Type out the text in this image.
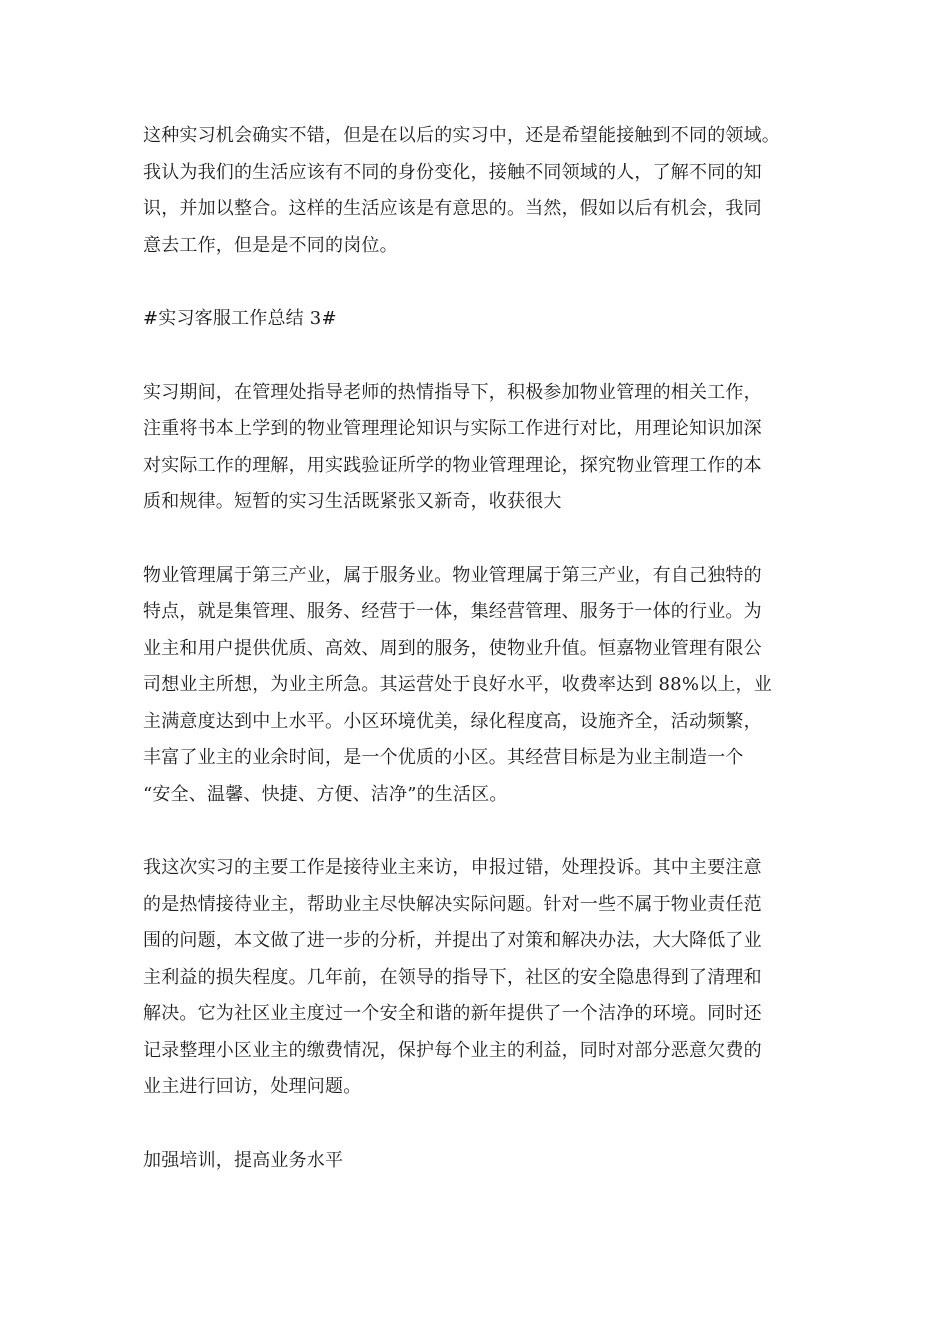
这种实习机会确实不错，但是在以后的实习中，还是希望能接触到不同的领域。
我认为我们的生活应该有不同的身份变化，接触不同领域的人，了解不同的知
识，并加以整合。这样的生活应该是有意思的。当然，假如以后有机会，我同
意去工作，但是是不同的岗位。

#实习客服工作总结 3#

实习期间，在管理处指导老师的热情指导下，积极参加物业管理的相关工作，
注重将书本上学到的物业管理理论知识与实际工作进行对比，用理论知识加深
对实际工作的理解，用实践验证所学的物业管理理论，探究物业管理工作的本
质和规律。短暂的实习生活既紧张又新奇，收获很大

物业管理属于第三产业，属于服务业。物业管理属于第三产业，有自己独特的
特点，就是集管理、服务、经营于一体，集经营管理、服务于一体的行业。为
业主和用户提供优质、高效、周到的服务，使物业升值。恒嘉物业管理有限公
司想业主所想，为业主所急。其运营处于良好水平，收费率达到 88%以上，业
主满意度达到中上水平。小区环境优美，绿化程度高，设施齐全，活动频繁，
丰富了业主的业余时间，是一个优质的小区。其经营目标是为业主制造一个
“安全、温馨、快捷、方便、洁净”的生活区。

我这次实习的主要工作是接待业主来访，申报过错，处理投诉。其中主要注意
的是热情接待业主，帮助业主尽快解决实际问题。针对一些不属于物业责任范
围的问题，本文做了进一步的分析，并提出了对策和解决办法，大大降低了业
主利益的损失程度。几年前，在领导的指导下，社区的安全隐患得到了清理和
解决。它为社区业主度过一个安全和谐的新年提供了一个洁净的环境。同时还
记录整理小区业主的缴费情况，保护每个业主的利益，同时对部分恶意欠费的
业主进行回访，处理问题。

加强培训，提高业务水平
